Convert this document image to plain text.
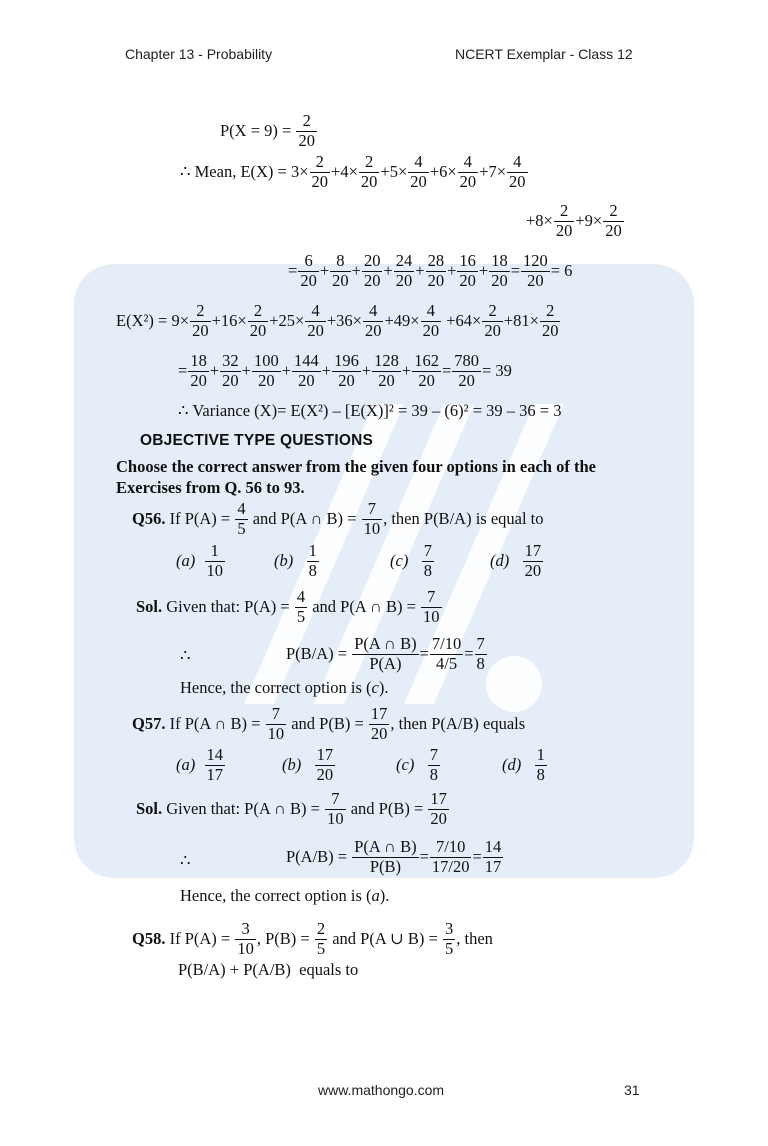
Chapter 13 - Probability	NCERT Exemplar - Class 12
P(X = 9) =
$\frac{2}{20}$
∴ Mean, $E(X) = 3\times \frac{2}{20} +4\times \frac{2}{20} +5\times \frac{4}{20} +6\times \frac{4}{20} +7\times \frac{4}{20}$
$+8\times \frac{2}{20} +9\times \frac{2}{20}$
= $\frac{6}{20} + \frac{8}{20} + \frac{20}{20} + \frac{24}{20} + \frac{28}{20} + \frac{16}{20} + \frac{18}{20} = \frac{120}{20} = 6$
$E(X^2) = 9\times \frac{2}{20} +16\times \frac{2}{20} +25\times \frac{4}{20} +36\times \frac{4}{20} +49\times \frac{4}{20} +64\times \frac{2}{20} +81\times \frac{2}{20}$
= $\frac{18}{20} + \frac{32}{20} + \frac{100}{20} + \frac{144}{20} + \frac{196}{20} + \frac{128}{20} + \frac{162}{20} = \frac{780}{20} = 39$
∴ Variance (X)= E(X²) – [E(X)]² = 39 – (6)² = 39 – 36 = 3
OBJECTIVE TYPE QUESTIONS
Choose the correct answer from the given four options in each of the
Exercises from Q. 56 to 93.
Q56.
If P(A) =
$\frac{4}{5}$
and P(A ∩ B) =
$\frac{7}{10}$ , then
P(B/A)
is equal to
(a)
$\frac{1}{10}$	(b)
$\frac{1}{8}$	(c)
$\frac{7}{8}$	(d)
$\frac{17}{20}$
Sol.
Given that: P(A) =
$\frac{4}{5}$
and P(A ∩ B) =
$\frac{7}{10}$
∴	P(B/A) =
$\frac{P(A \cap B)}{P(A)} = \frac{7/10}{4/5} = \frac{7}{8}$
Hence, the correct option is ( c ).
Q57.
If P(A ∩ B) =
$\frac{7}{10}$
and P(B) =
$\frac{17}{20}$ , then
P(A/B)
equals
(a)
$\frac{14}{17}$	(b)
$\frac{17}{20}$	(c)
$\frac{7}{8}$	(d)
$\frac{1}{8}$
Sol.
Given that: P(A ∩ B) =
$\frac{7}{10}$
and P(B) =
$\frac{17}{20}$
∴	P(A/B) =
$\frac{P(A \cap B)}{P(B)} = \frac{7/10}{17/20} = \frac{14}{17}$
Hence, the correct option is ( a ).
Q58.
If P(A) =
$\frac{3}{10}$ , P(B) =
$\frac{2}{5}$
and P(A ∪ B) =
$\frac{3}{5}$ , then
P(B/A) + P(A/B)
equals to
www.mathongo.com	31
